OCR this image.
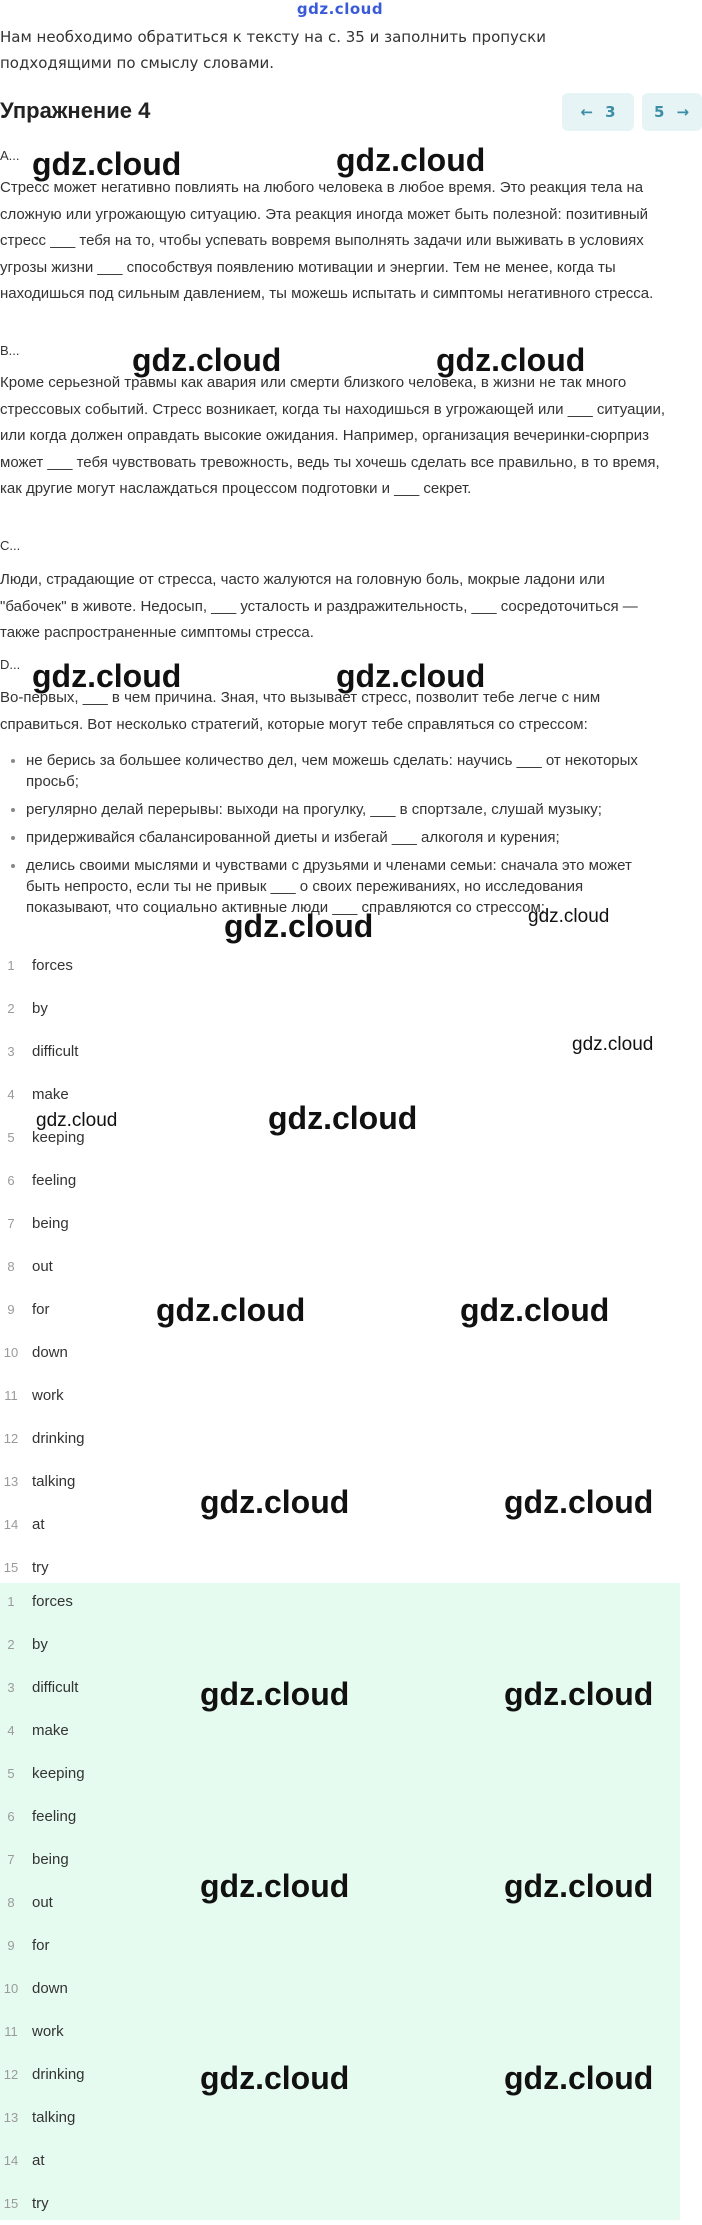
gdz.cloud
Нам необходимо обратиться к тексту на с. 35 и заполнить пропуски подходящими по смыслу словами.
Упражнение 4	← 3	5 →
A...
Стресс может негативно повлиять на любого человека в любое время. Это реакция тела на сложную или угрожающую ситуацию. Эта реакция иногда может быть полезной: позитивный стресс ___ тебя на то, чтобы успевать вовремя выполнять задачи или выживать в условиях угрозы жизни ___ способствуя появлению мотивации и энергии. Тем не менее, когда ты находишься под сильным давлением, ты можешь испытать и симптомы негативного стресса.
B...
Кроме серьезной травмы как авария или смерти близкого человека, в жизни не так много стрессовых событий. Стресс возникает, когда ты находишься в угрожающей или ___ ситуации, или когда должен оправдать высокие ожидания. Например, организация вечеринки-сюрприз может ___ тебя чувствовать тревожность, ведь ты хочешь сделать все правильно, в то время, как другие могут наслаждаться процессом подготовки и ___ секрет.
C...
Люди, страдающие от стресса, часто жалуются на головную боль, мокрые ладони или "бабочек" в животе. Недосып, ___ усталость и раздражительность, ___ сосредоточиться — также распространенные симптомы стресса.
D...
Во-первых, ___ в чем причина. Зная, что вызывает стресс, позволит тебе легче с ним справиться. Вот несколько стратегий, которые могут тебе справляться со стрессом:
• не берись за большее количество дел, чем можешь сделать: научись ___ от некоторых просьб;
• регулярно делай перерывы: выходи на прогулку, ___ в спортзале, слушай музыку;
• придерживайся сбалансированной диеты и избегай ___ алкоголя и курения;
• делись своими мыслями и чувствами с друзьями и членами семьи: сначала это может быть непросто, если ты не привык ___ о своих переживаниях, но исследования показывают, что социально активные люди ___ справляются со стрессом;
1	forces
2	by
3	difficult
4	make
5	keeping
6	feeling
7	being
8	out
9	for
10 down
11 work
12 drinking
13 talking
14 at
15 try
1	forces
2	by
3	difficult
4	make
5	keeping
6	feeling
7	being
8	out
9	for
10 down
11 work
12 drinking
13 talking
14 at
15 try
gdz.cloud	gdz.cloud
gdz.cloud	gdz.cloud
gdz.cloud	gdz.cloud
gdz.cloud	gdz.cloud
gdz.cloud
gdz.cloud	gdz.cloud
gdz.cloud	gdz.cloud
gdz.cloud	gdz.cloud
gdz.cloud	gdz.cloud
gdz.cloud	gdz.cloud
gdz.cloud	gdz.cloud
